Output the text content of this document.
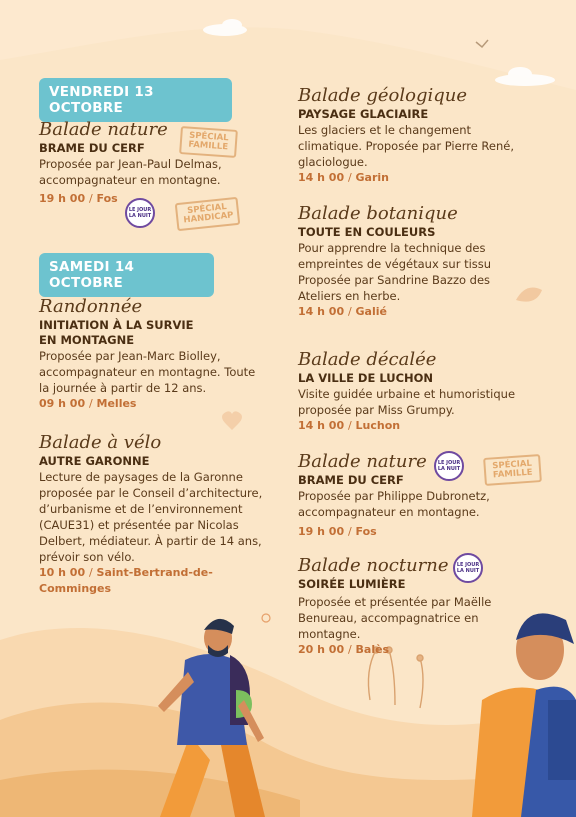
VENDREDI 13 OCTOBRE
Balade nature
BRAME DU CERF
Proposée par Jean-Paul Delmas,
accompagnateur en montagne.
19 h 00 / Fos
SPÉCIAL FAMILLE
SPÉCIAL HANDICAP
LE JOUR LA NUIT
SAMEDI 14 OCTOBRE
Randonnée
INITIATION À LA SURVIE
EN MONTAGNE
Proposée par Jean-Marc Biolley,
accompagnateur en montagne. Toute
la journée à partir de 12 ans.
09 h 00 / Melles
Balade à vélo
AUTRE GARONNE
Lecture de paysages de la Garonne
proposée par le Conseil d’architecture,
d’urbanisme et de l’environnement
(CAUE31) et présentée par Nicolas
Delbert, médiateur. À partir de 14 ans,
prévoir son vélo.
10 h 00 / Saint-Bertrand-de-Comminges
Balade géologique
PAYSAGE GLACIAIRE
Les glaciers et le changement
climatique. Proposée par Pierre René,
glaciologue.
14 h 00 / Garin
Balade botanique
TOUTE EN COULEURS
Pour apprendre la technique des
empreintes de végétaux sur tissu
Proposée par Sandrine Bazzo des
Ateliers en herbe.
14 h 00 / Galié
Balade décalée
LA VILLE DE LUCHON
Visite guidée urbaine et humoristique
proposée par Miss Grumpy.
14 h 00 / Luchon
Balade nature
BRAME DU CERF
Proposée par Philippe Dubronetz,
accompagnateur en montagne.
19 h 00 / Fos
LE JOUR LA NUIT	SPÉCIAL FAMILLE
Balade nocturne
SOIRÉE LUMIÈRE
Proposée et présentée par Maëlle
Benureau, accompagnatrice en
montagne.
20 h 00 / Balès
LE JOUR LA NUIT
